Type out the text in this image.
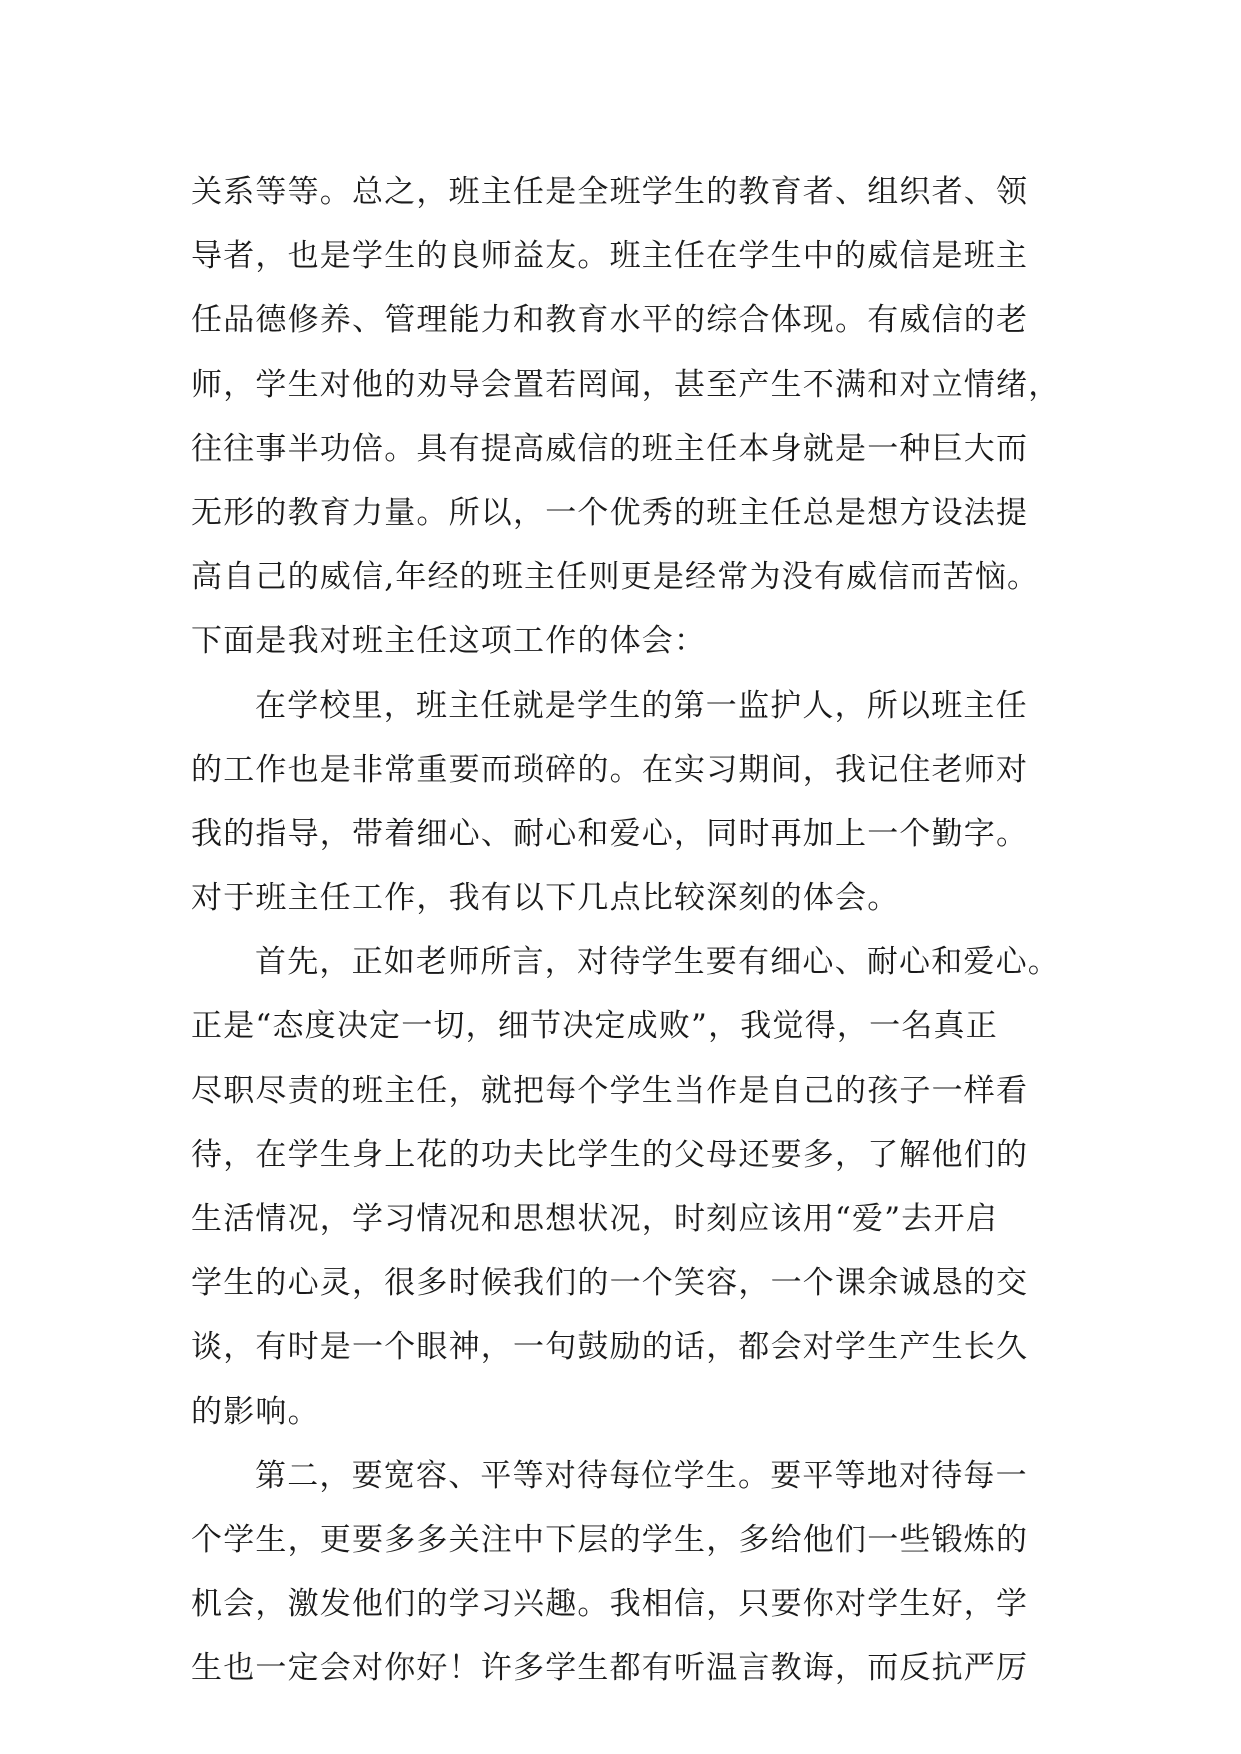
关系等等。总之，班主任是全班学生的教育者、组织者、领
导者，也是学生的良师益友。班主任在学生中的威信是班主
任品德修养、管理能力和教育水平的综合体现。有威信的老
师，学生对他的劝导会置若罔闻，甚至产生不满和对立情绪，
往往事半功倍。具有提高威信的班主任本身就是一种巨大而
无形的教育力量。所以，一个优秀的班主任总是想方设法提
高自己的威信,年经的班主任则更是经常为没有威信而苦恼。
下面是我对班主任这项工作的体会：
在学校里，班主任就是学生的第一监护人，所以班主任
的工作也是非常重要而琐碎的。在实习期间，我记住老师对
我的指导，带着细心、耐心和爱心，同时再加上一个勤字。
对于班主任工作，我有以下几点比较深刻的体会。
首先，正如老师所言，对待学生要有细心、耐心和爱心。
正是“态度决定一切，细节决定成败”，我觉得，一名真正
尽职尽责的班主任，就把每个学生当作是自己的孩子一样看
待，在学生身上花的功夫比学生的父母还要多，了解他们的
生活情况，学习情况和思想状况，时刻应该用“爱”去开启
学生的心灵，很多时候我们的一个笑容，一个课余诚恳的交
谈，有时是一个眼神，一句鼓励的话，都会对学生产生长久
的影响。
第二，要宽容、平等对待每位学生。要平等地对待每一
个学生，更要多多关注中下层的学生，多给他们一些锻炼的
机会，激发他们的学习兴趣。我相信，只要你对学生好，学
生也一定会对你好！许多学生都有听温言教诲，而反抗严厉
